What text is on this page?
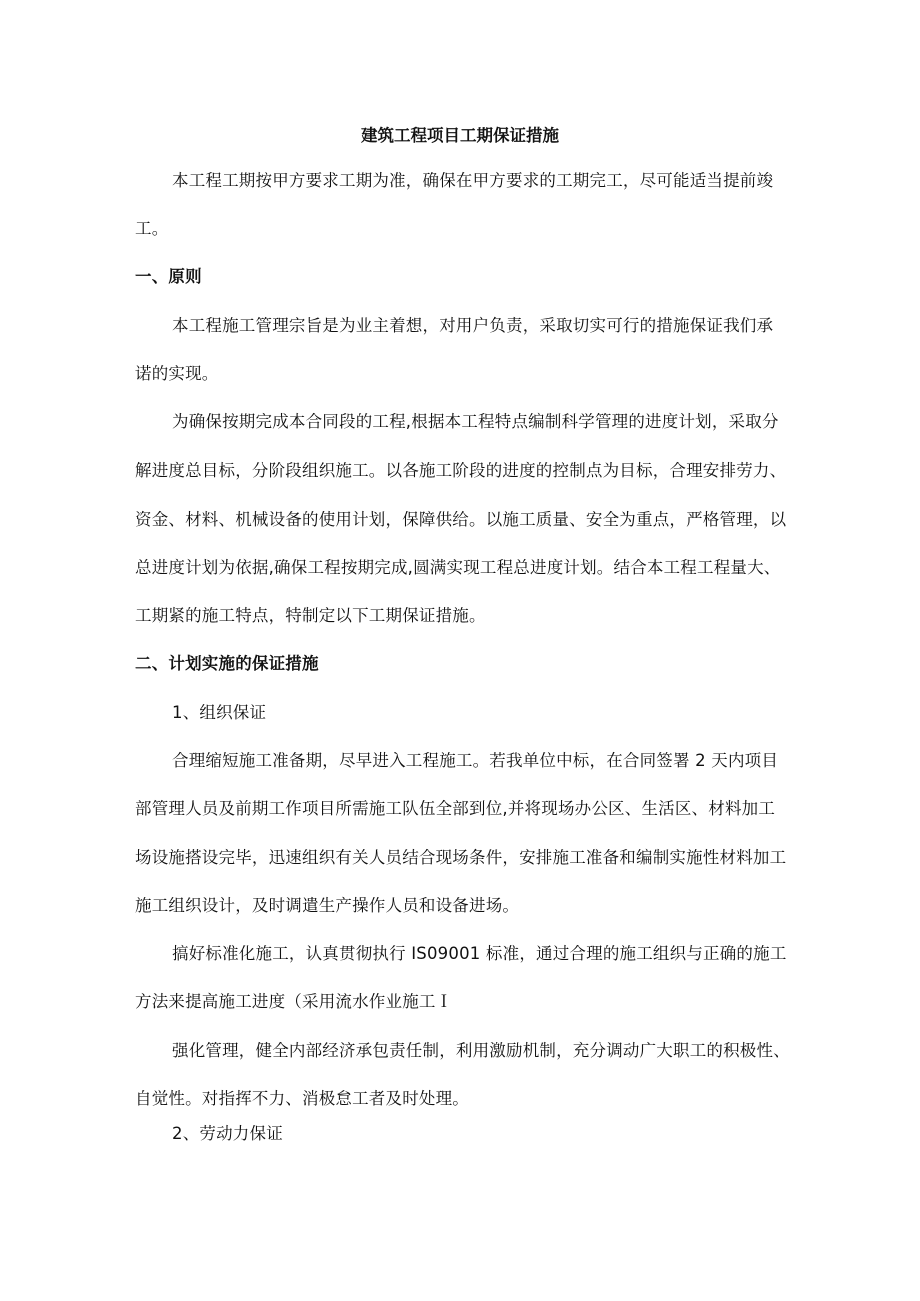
建筑工程项目工期保证措施
本工程工期按甲方要求工期为准，确保在甲方要求的工期完工，尽可能适当提前竣
工。
一、原则
本工程施工管理宗旨是为业主着想，对用户负责，采取切实可行的措施保证我们承
诺的实现。
为确保按期完成本合同段的工程,根据本工程特点编制科学管理的进度计划，采取分
解进度总目标，分阶段组织施工。以各施工阶段的进度的控制点为目标，合理安排劳力、
资金、材料、机械设备的使用计划，保障供给。以施工质量、安全为重点，严格管理，以
总进度计划为依据,确保工程按期完成,圆满实现工程总进度计划。结合本工程工程量大、
工期紧的施工特点，特制定以下工期保证措施。
二、计划实施的保证措施
1、组织保证
合理缩短施工准备期，尽早进入工程施工。若我单位中标，在合同签署 2 天内项目
部管理人员及前期工作项目所需施工队伍全部到位,并将现场办公区、生活区、材料加工
场设施搭设完毕，迅速组织有关人员结合现场条件，安排施工准备和编制实施性材料加工
施工组织设计，及时调遣生产操作人员和设备进场。
搞好标准化施工，认真贯彻执行 IS09001 标准，通过合理的施工组织与正确的施工
方法来提高施工进度（采用流水作业施工Ｉ
强化管理，健全内部经济承包责任制，利用激励机制，充分调动广大职工的积极性、
自觉性。对指挥不力、消极怠工者及时处理。
2、劳动力保证
